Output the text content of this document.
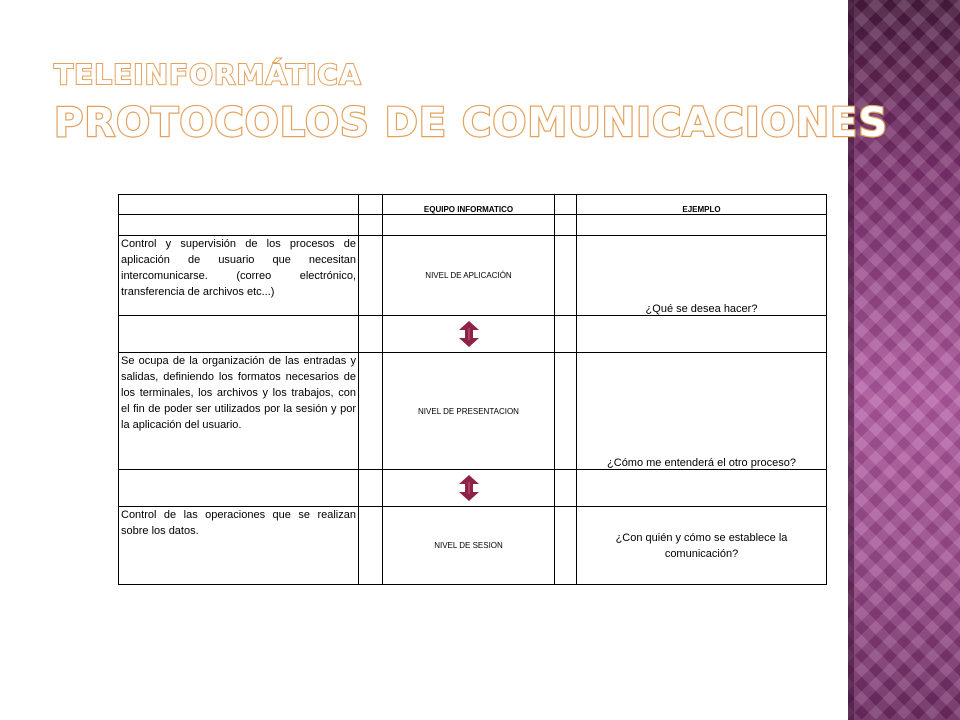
TELEINFORMÁTICA
PROTOCOLOS DE COMUNICACIONES
		EQUIPO INFORMATICO		EJEMPLO

Control y supervisión de los procesos de aplicación de usuario que necesitan intercomunicarse. (correo electrónico, transferencia de archivos etc...)		NIVEL DE APLICACIÓN		¿Qué se desea hacer?

Se ocupa de la organización de las entradas y salidas, definiendo los formatos necesarios de los terminales, los archivos y los trabajos, con el fin de poder ser utilizados por la sesión y por la aplicación del usuario.		NIVEL DE PRESENTACION		¿Cómo me entenderá el otro proceso?

Control de las operaciones que se realizan sobre los datos.		NIVEL DE SESION		¿Con quién y cómo se establece la comunicación?
